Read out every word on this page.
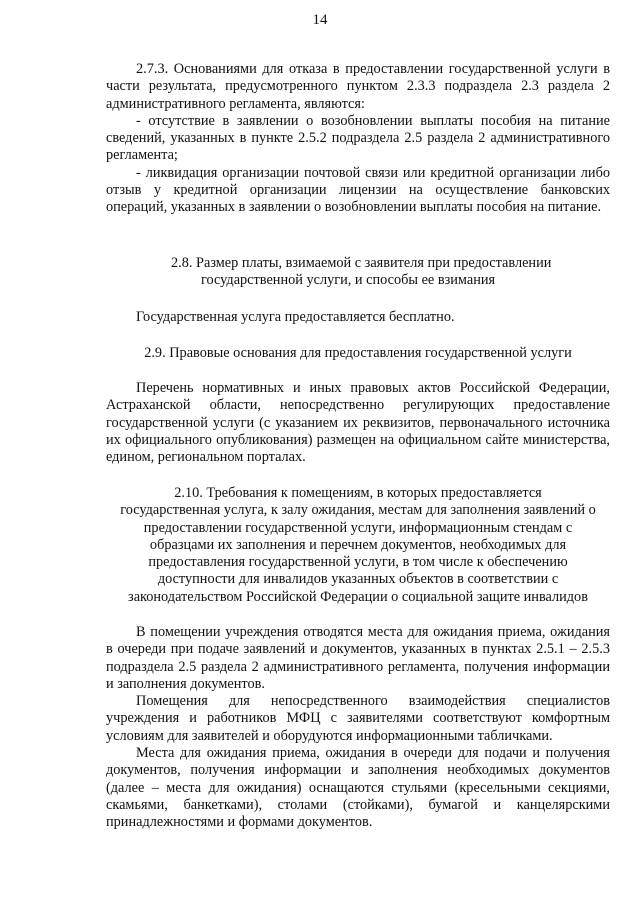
14

2.7.3. Основаниями для отказа в предоставлении государственной услуги в части результата, предусмотренного пунктом 2.3.3 подраздела 2.3 раздела 2 административного регламента, являются:

- отсутствие в заявлении о возобновлении выплаты пособия на питание сведений, указанных в пункте 2.5.2 подраздела 2.5 раздела 2 административного регламента;

- ликвидация организации почтовой связи или кредитной организации либо отзыв у кредитной организации лицензии на осуществление банковских операций, указанных в заявлении о возобновлении выплаты пособия на питание.

2.8. Размер платы, взимаемой с заявителя при предоставлении

государственной услуги, и способы ее взимания

Государственная услуга предоставляется бесплатно.

2.9. Правовые основания для предоставления государственной услуги

Перечень нормативных и иных правовых актов Российской Федерации, Астраханской области, непосредственно регулирующих предоставление государственной услуги (с указанием их реквизитов, первоначального источника их официального опубликования) размещен на официальном сайте министерства, едином, региональном порталах.

2.10. Требования к помещениям, в которых предоставляется

государственная услуга, к залу ожидания, местам для заполнения заявлений о

предоставлении государственной услуги, информационным стендам с

образцами их заполнения и перечнем документов, необходимых для

предоставления государственной услуги, в том числе к обеспечению

доступности для инвалидов указанных объектов в соответствии с

законодательством Российской Федерации о социальной защите инвалидов

В помещении учреждения отводятся места для ожидания приема, ожидания в очереди при подаче заявлений и документов, указанных в пунктах 2.5.1 – 2.5.3 подраздела 2.5 раздела 2 административного регламента, получения информации и заполнения документов.

Помещения для непосредственного взаимодействия специалистов учреждения и работников МФЦ с заявителями соответствуют комфортным условиям для заявителей и оборудуются информационными табличками.

Места для ожидания приема, ожидания в очереди для подачи и получения документов, получения информации и заполнения необходимых документов (далее – места для ожидания) оснащаются стульями (кресельными секциями, скамьями, банкетками), столами (стойками), бумагой и канцелярскими принадлежностями и формами документов.
